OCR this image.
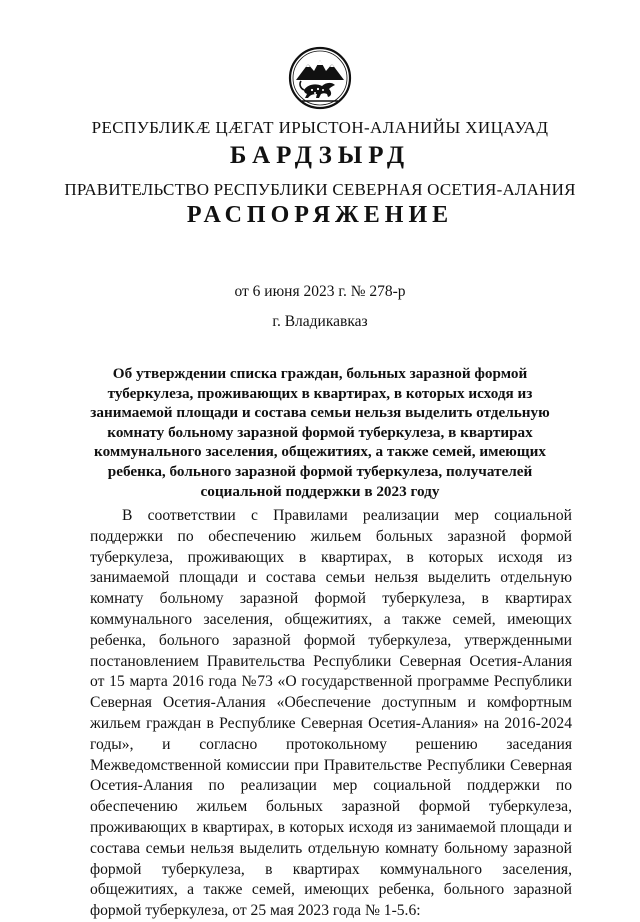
РЕСПУБЛИКÆ ЦÆГАТ ИРЫСТОН-АЛАНИЙЫ ХИЦАУАД
БАРДЗЫРД
ПРАВИТЕЛЬСТВО РЕСПУБЛИКИ СЕВЕРНАЯ ОСЕТИЯ-АЛАНИЯ
РАСПОРЯЖЕНИЕ
от 6 июня 2023 г. № 278-р
г. Владикавказ
Об утверждении списка граждан, больных заразной формой туберкулеза, проживающих в квартирах, в которых исходя из занимаемой площади и состава семьи нельзя выделить отдельную комнату больному заразной формой туберкулеза, в квартирах коммунального заселения, общежитиях, а также семей, имеющих ребенка, больного заразной формой туберкулеза, получателей социальной поддержки в 2023 году
В соответствии с Правилами реализации мер социальной поддержки по обеспечению жильем больных заразной формой туберкулеза, проживающих в квартирах, в которых исходя из занимаемой площади и состава семьи нельзя выделить отдельную комнату больному заразной формой туберкулеза, в квартирах коммунального заселения, общежитиях, а также семей, имеющих ребенка, больного заразной формой туберкулеза, утвержденными постановлением Правительства Республики Северная Осетия-Алания от 15 марта 2016 года №73 «О государственной программе Республики Северная Осетия-Алания «Обеспечение доступным и комфортным жильем граждан в Республике Северная Осетия-Алания» на 2016-2024 годы», и согласно протокольному решению заседания Межведомственной комиссии при Правительстве Республики Северная Осетия-Алания по реализации мер социальной поддержки по обеспечению жильем больных заразной формой туберкулеза, проживающих в квартирах, в которых исходя из занимаемой площади и состава семьи нельзя выделить отдельную комнату больному заразной формой туберкулеза, в квартирах коммунального заселения, общежитиях, а также семей, имеющих ребенка, больного заразной формой туберкулеза, от 25 мая 2023 года № 1-5.6:
